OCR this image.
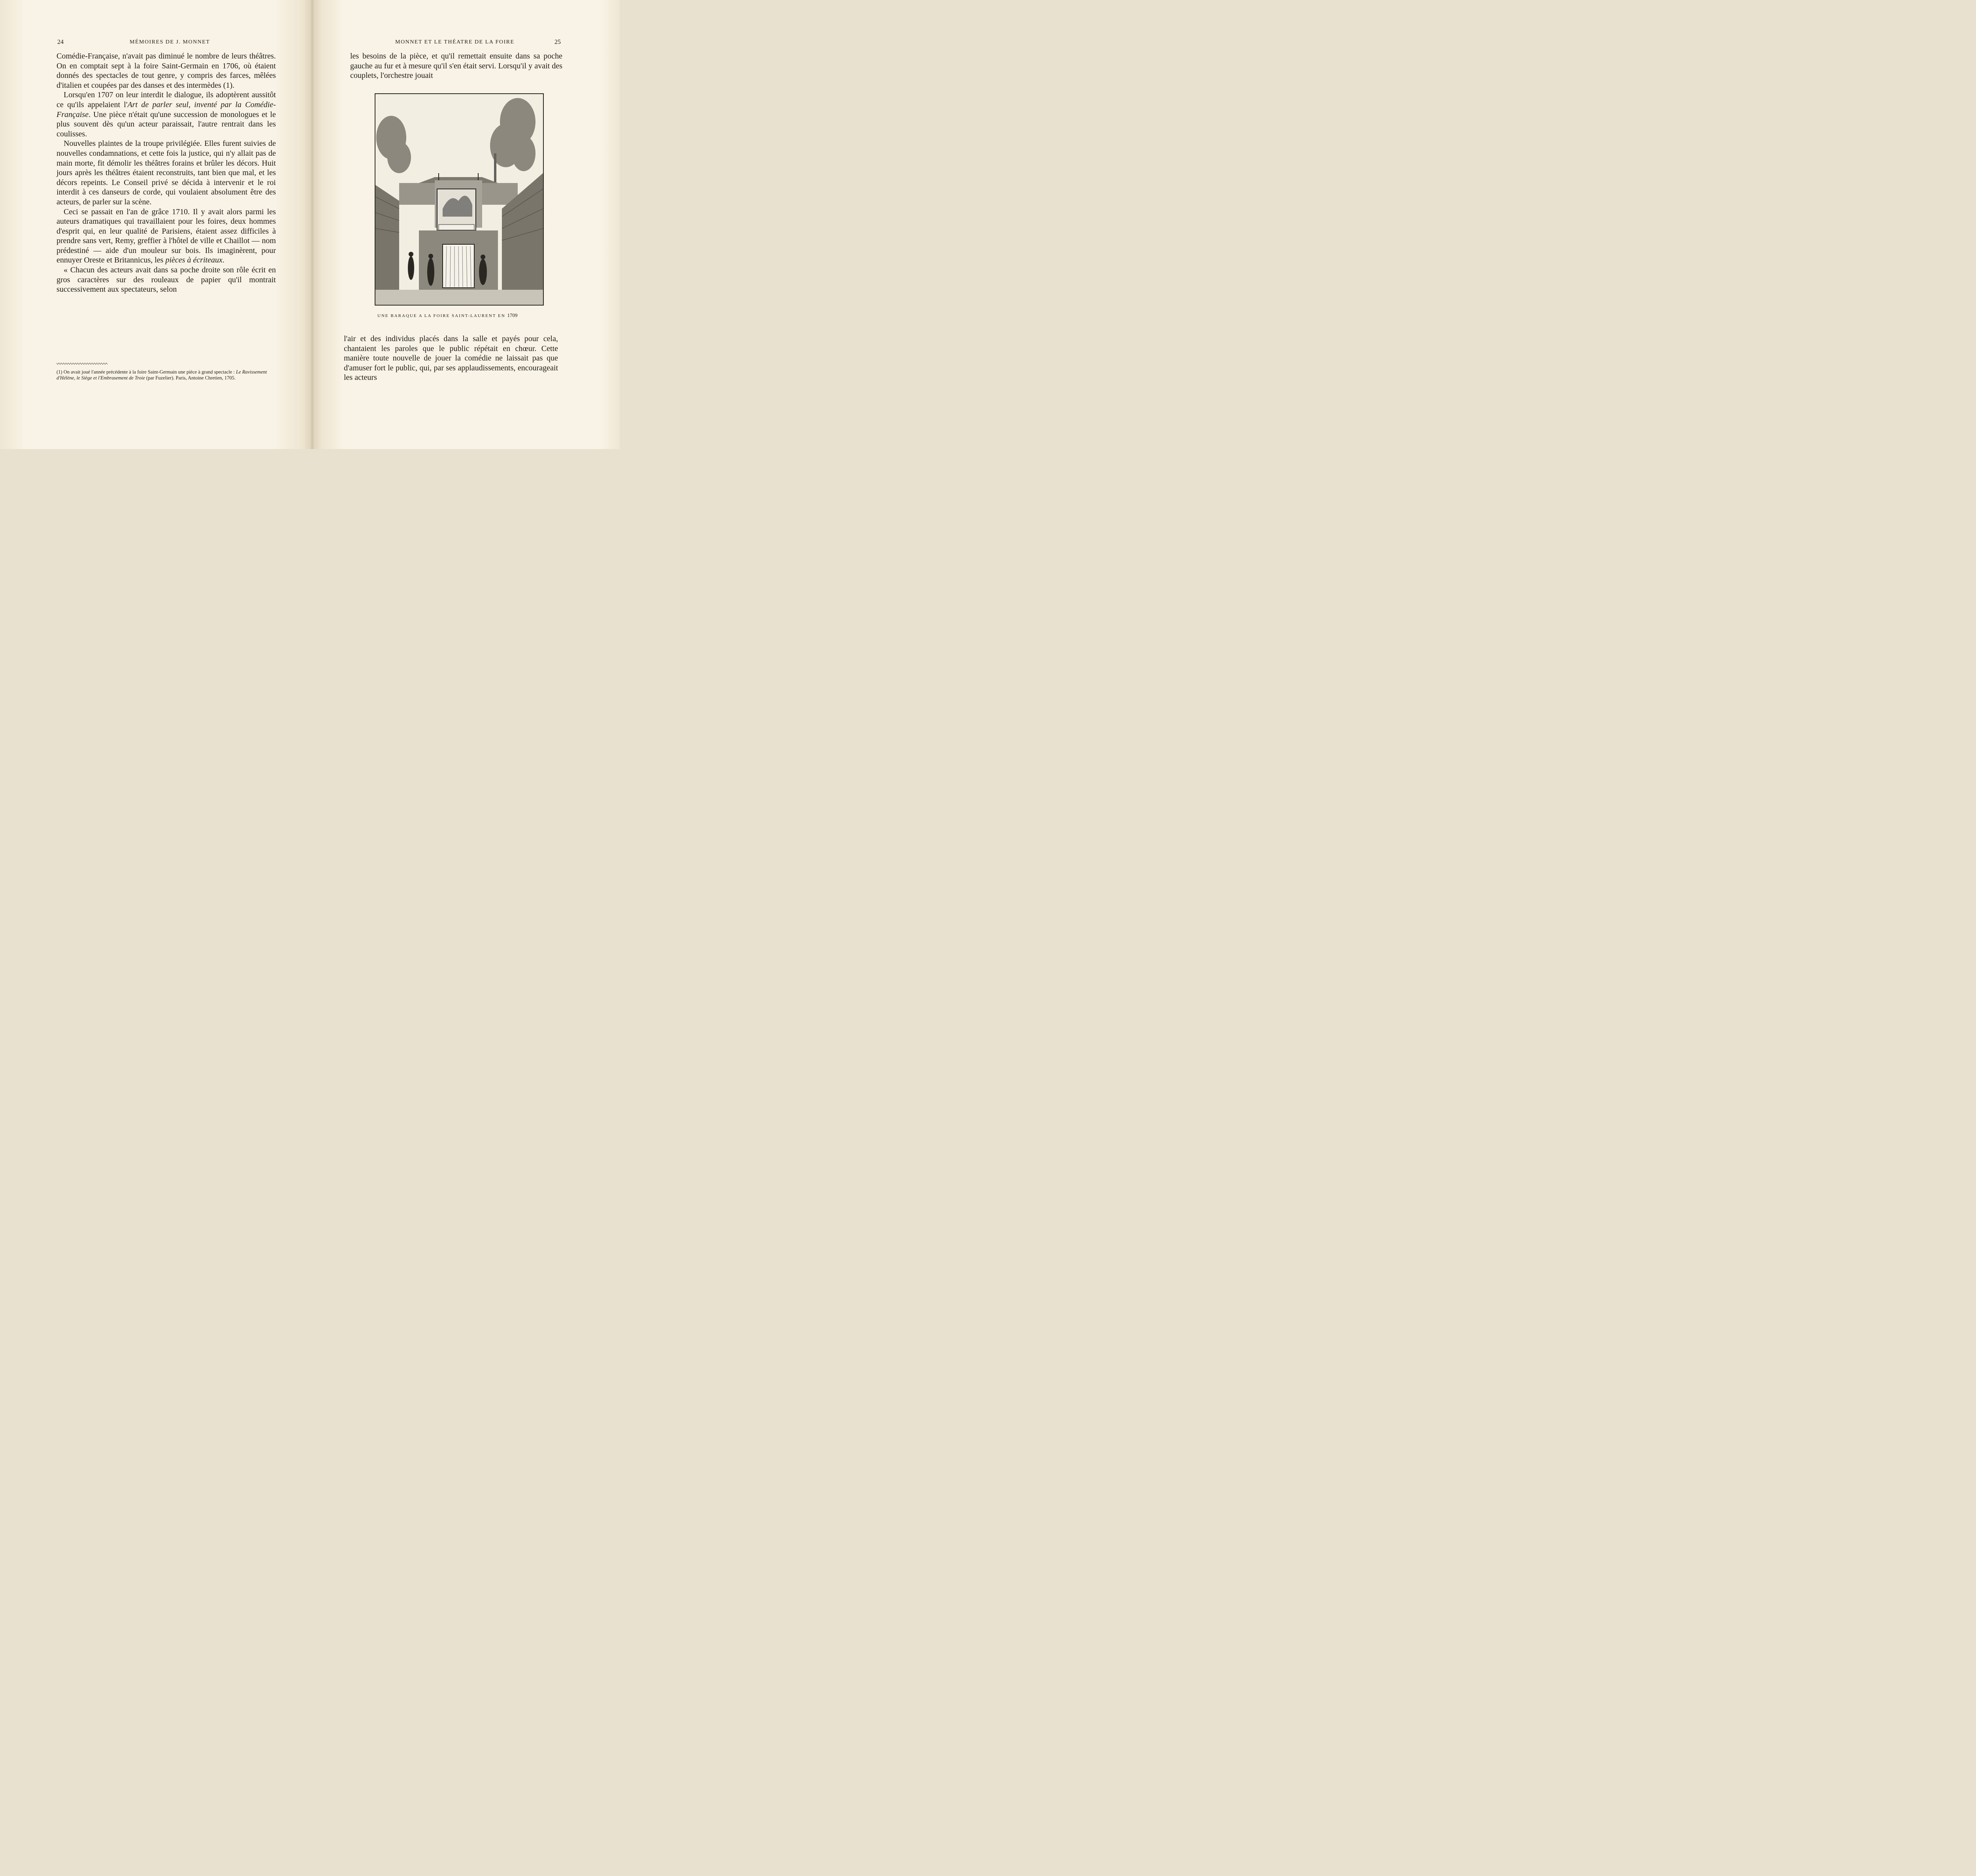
24	MÉMOIRES DE J. MONNET

Comédie-Française, n'avait pas diminué le nombre de leurs théâtres. On en comptait sept à la foire Saint-Germain en 1706, où étaient donnés des spectacles de tout genre, y compris des farces, mêlées d'italien et coupées par des danses et des intermèdes (1).

Lorsqu'en 1707 on leur interdit le dialogue, ils adoptèrent aussitôt ce qu'ils appelaient l'Art de parler seul, inventé par la Comédie-Française. Une pièce n'était qu'une succession de monologues et le plus souvent dès qu'un acteur paraissait, l'autre rentrait dans les coulisses.

Nouvelles plaintes de la troupe privilégiée. Elles furent suivies de nouvelles condamnations, et cette fois la justice, qui n'y allait pas de main morte, fit démolir les théâtres forains et brûler les décors. Huit jours après les théâtres étaient reconstruits, tant bien que mal, et les décors repeints. Le Conseil privé se décida à intervenir et le roi interdit à ces danseurs de corde, qui voulaient absolument être des acteurs, de parler sur la scène.

Ceci se passait en l'an de grâce 1710. Il y avait alors parmi les auteurs dramatiques qui travaillaient pour les foires, deux hommes d'esprit qui, en leur qualité de Parisiens, étaient assez difficiles à prendre sans vert, Remy, greffier à l'hôtel de ville et Chaillot — nom prédestiné — aide d'un mouleur sur bois. Ils imaginèrent, pour ennuyer Oreste et Britannicus, les pièces à écriteaux.

« Chacun des acteurs avait dans sa poche droite son rôle écrit en gros caractères sur des rouleaux de papier qu'il montrait successivement aux spectateurs, selon

(1) On avait joué l'année précédente à la foire Saint-Germain une pièce à grand spectacle : Le Ravissement d'Hélène, le Siège et l'Embrasement de Troie (par Fuzelier). Paris, Antoine Chretien, 1705.
MONNET ET LE THÉATRE DE LA FOIRE	25

les besoins de la pièce, et qu'il remettait ensuite dans sa poche gauche au fur et à mesure qu'il s'en était servi. Lorsqu'il y avait des couplets, l'orchestre jouait

UNE BARAQUE A LA FOIRE SAINT-LAURENT EN 1709

l'air et des individus placés dans la salle et payés pour cela, chantaient les paroles que le public répétait en chœur. Cette manière toute nouvelle de jouer la comédie ne laissait pas que d'amuser fort le public, qui, par ses applaudissements, encourageait les acteurs
